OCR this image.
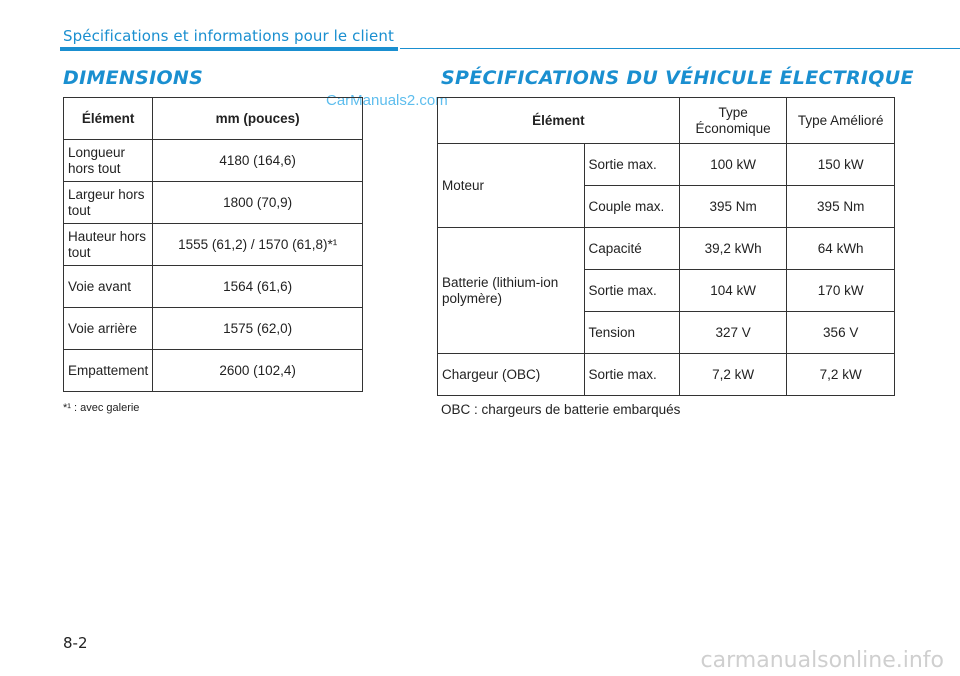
Spécifications et informations pour le client
DIMENSIONS	SPÉCIFICATIONS DU VÉHICULE ÉLECTRIQUE
CarManuals2.com
Élément	mm (pouces)
Longueur hors tout	4180 (164,6)
Largeur hors tout	1800 (70,9)
Hauteur hors tout	1555 (61,2) / 1570 (61,8)*¹
Voie avant	1564 (61,6)
Voie arrière	1575 (62,0)
Empattement	2600 (102,4)
Élément		Type Économique	Type Amélioré
Moteur	Sortie max.	100 kW	150 kW
	Couple max.	395 Nm	395 Nm
Batterie (lithium-ion polymère)	Capacité	39,2 kWh	64 kWh
	Sortie max.	104 kW	170 kW
	Tension	327 V	356 V
Chargeur (OBC)	Sortie max.	7,2 kW	7,2 kW
*¹ : avec galerie	OBC : chargeurs de batterie embarqués
8-2
carmanualsonline.info
